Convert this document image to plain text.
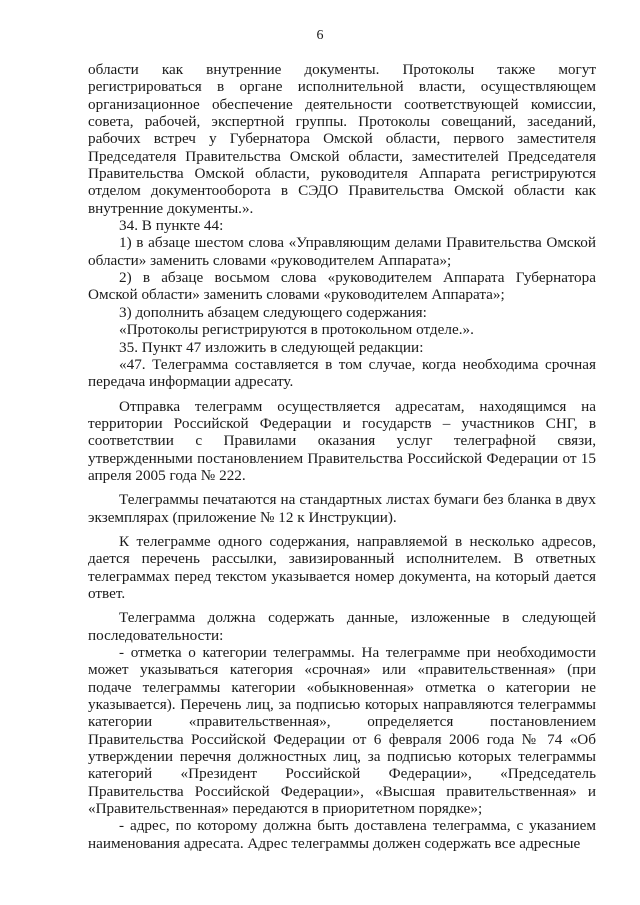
6

области как внутренние документы. Протоколы также могут регистрироваться в органе исполнительной власти, осуществляющем организационное обеспечение деятельности соответствующей комиссии, совета, рабочей, экспертной группы. Протоколы совещаний, заседаний, рабочих встреч у Губернатора Омской области, первого заместителя Председателя Правительства Омской области, заместителей Председателя Правительства Омской области, руководителя Аппарата регистрируются отделом документооборота в СЭДО Правительства Омской области как внутренние документы.».

34. В пункте 44:

1) в абзаце шестом слова «Управляющим делами Правительства Омской области» заменить словами «руководителем Аппарата»;

2) в абзаце восьмом слова «руководителем Аппарата Губернатора Омской области» заменить словами «руководителем Аппарата»;

3) дополнить абзацем следующего содержания:

«Протоколы регистрируются в протокольном отделе.».

35. Пункт 47 изложить в следующей редакции:

«47. Телеграмма составляется в том случае, когда необходима срочная передача информации адресату.

Отправка телеграмм осуществляется адресатам, находящимся на территории Российской Федерации и государств – участников СНГ, в соответствии с Правилами оказания услуг телеграфной связи, утвержденными постановлением Правительства Российской Федерации от 15 апреля 2005 года № 222.

Телеграммы печатаются на стандартных листах бумаги без бланка в двух экземплярах (приложение № 12 к Инструкции).

К телеграмме одного содержания, направляемой в несколько адресов, дается перечень рассылки, завизированный исполнителем. В ответных телеграммах перед текстом указывается номер документа, на который дается ответ.

Телеграмма должна содержать данные, изложенные в следующей последовательности:

- отметка о категории телеграммы. На телеграмме при необходимости может указываться категория «срочная» или «правительственная» (при подаче телеграммы категории «обыкновенная» отметка о категории не указывается). Перечень лиц, за подписью которых направляются телеграммы категории «правительственная», определяется постановлением Правительства Российской Федерации от 6 февраля 2006 года № 74 «Об утверждении перечня должностных лиц, за подписью которых телеграммы категорий «Президент Российской Федерации», «Председатель Правительства Российской Федерации», «Высшая правительственная» и «Правительственная» передаются в приоритетном порядке»;

- адрес, по которому должна быть доставлена телеграмма, с указанием наименования адресата. Адрес телеграммы должен содержать все адресные
